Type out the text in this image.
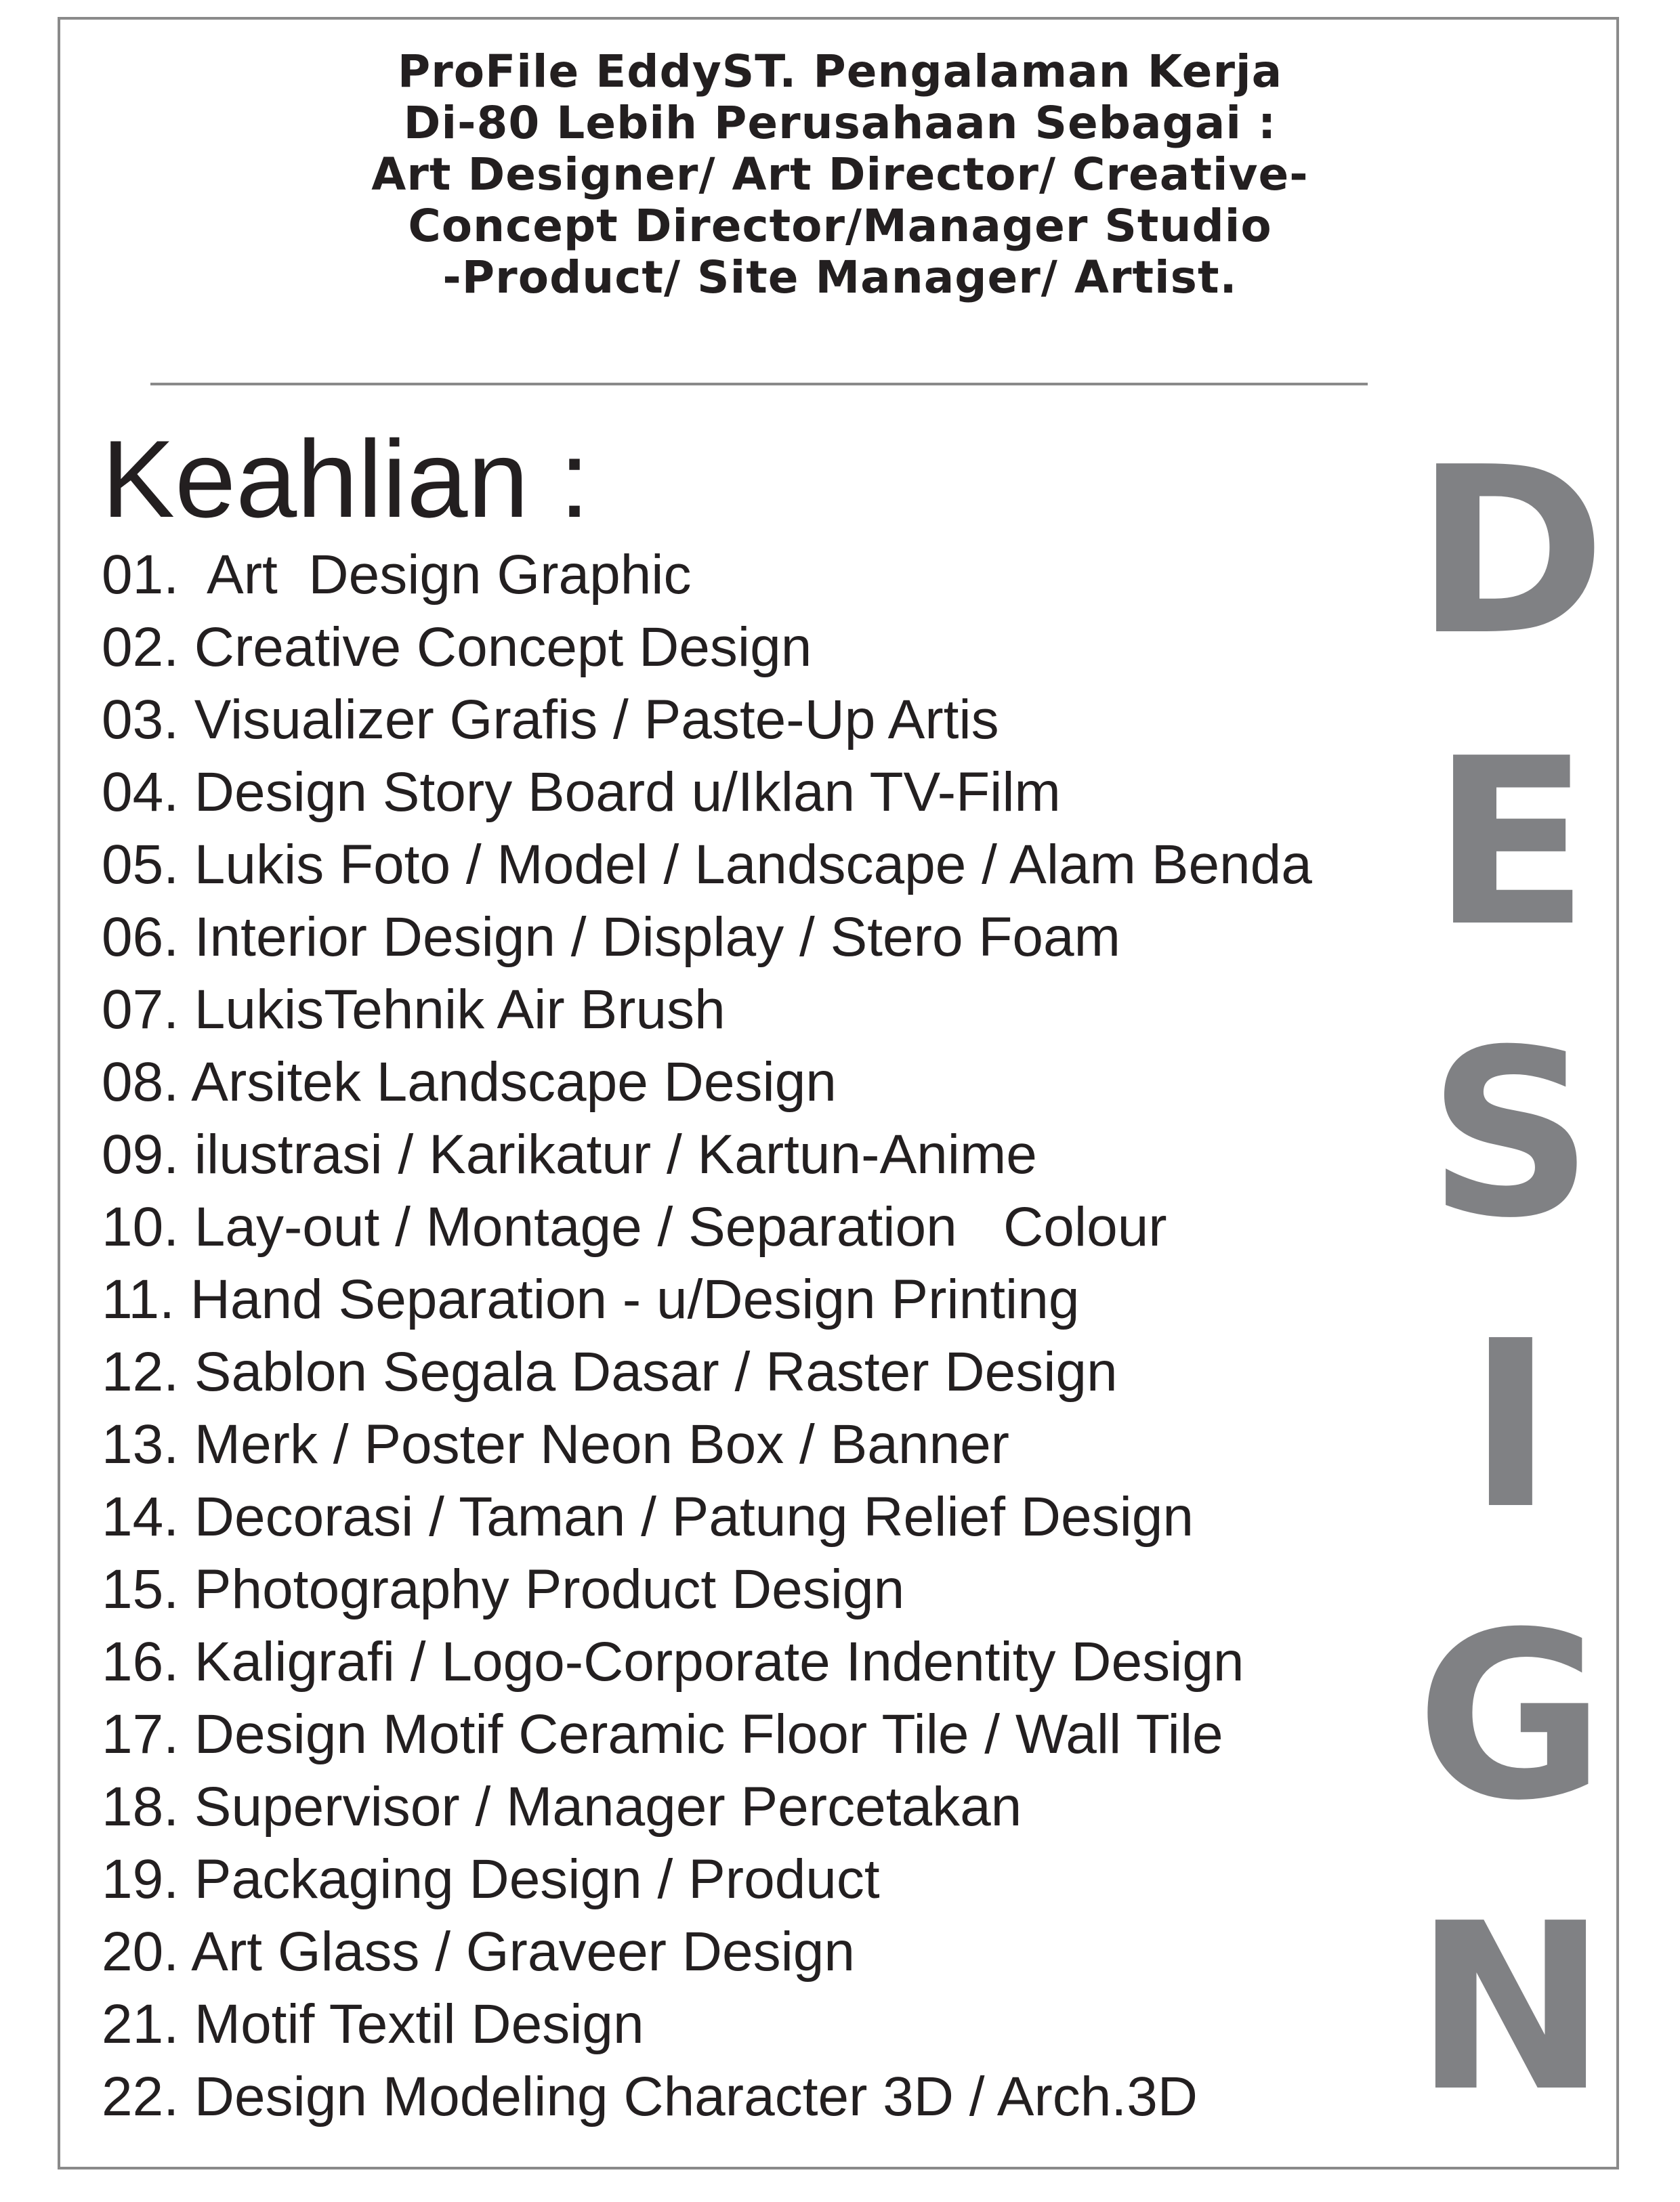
ProFile EddyST. Pengalaman Kerja
Di-80 Lebih Perusahaan Sebagai :
Art Designer/ Art Director/ Creative-
Concept Director/Manager Studio
-Product/ Site Manager/ Artist.
Keahlian :
01.  Art  Design Graphic
02. Creative Concept Design
03. Visualizer Grafis / Paste-Up Artis
04. Design Story Board u/Iklan TV-Film
05. Lukis Foto / Model / Landscape / Alam Benda
06. Interior Design / Display / Stero Foam
07. LukisTehnik Air Brush
08. Arsitek Landscape Design
09. ilustrasi / Karikatur / Kartun-Anime
10. Lay-out / Montage / Separation   Colour
11. Hand Separation - u/Design Printing
12. Sablon Segala Dasar / Raster Design
13. Merk / Poster Neon Box / Banner
14. Decorasi / Taman / Patung Relief Design
15. Photography Product Design
16. Kaligrafi / Logo-Corporate Indentity Design
17. Design Motif Ceramic Floor Tile / Wall Tile
18. Supervisor / Manager Percetakan
19. Packaging Design / Product
20. Art Glass / Graveer Design
21. Motif Textil Design
22. Design Modeling Character 3D / Arch.3D
D
E
S
I
G
N
